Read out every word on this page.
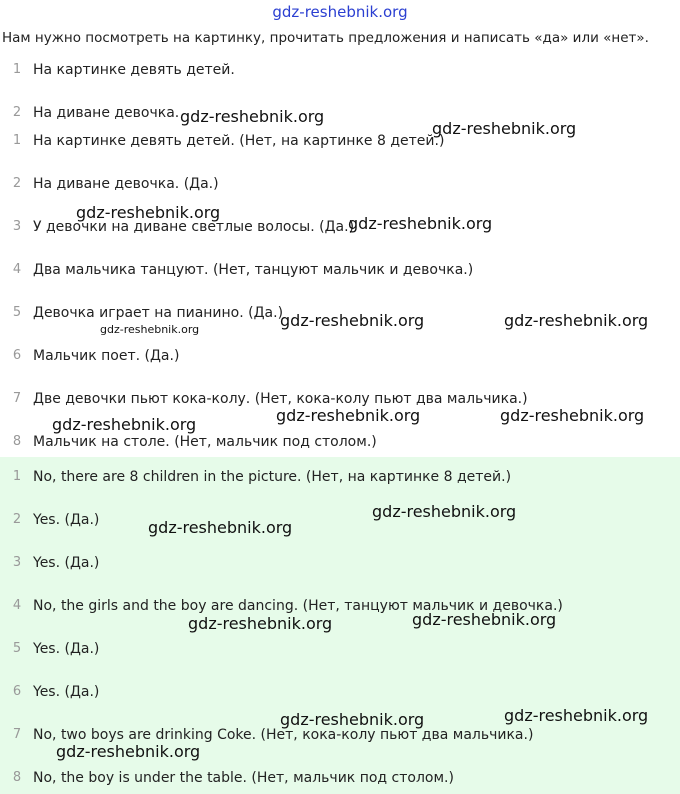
gdz-reshebnik.org
Нам нужно посмотреть на картинку, прочитать предложения и написать «да» или «нет».
1 На картинке девять детей.
2 На диване девочка.
1 На картинке девять детей. (Нет, на картинке 8 детей.)
2 На диване девочка. (Да.)
3 У девочки на диване светлые волосы. (Да.)
4 Два мальчика танцуют. (Нет, танцуют мальчик и девочка.)
5 Девочка играет на пианино. (Да.)
6 Мальчик поет. (Да.)
7 Две девочки пьют кока-колу. (Нет, кока-колу пьют два мальчика.)
8 Мальчик на столе. (Нет, мальчик под столом.)
1 No, there are 8 children in the picture. (Нет, на картинке 8 детей.)
2 Yes. (Да.)
3 Yes. (Да.)
4 No, the girls and the boy are dancing. (Нет, танцуют мальчик и девочка.)
5 Yes. (Да.)
6 Yes. (Да.)
7 No, two boys are drinking Coke. (Нет, кока-колу пьют два мальчика.)
8 No, the boy is under the table. (Нет, мальчик под столом.)
gdz-reshebnik.org
gdz-reshebnik.org
gdz-reshebnik.org
gdz-reshebnik.org
gdz-reshebnik.org	gdz-reshebnik.org
gdz-reshebnik.org
gdz-reshebnik.org	gdz-reshebnik.org	gdz-reshebnik.org
gdz-reshebnik.org
gdz-reshebnik.org
gdz-reshebnik.org
gdz-reshebnik.org
gdz-reshebnik.org	gdz-reshebnik.org
gdz-reshebnik.org
